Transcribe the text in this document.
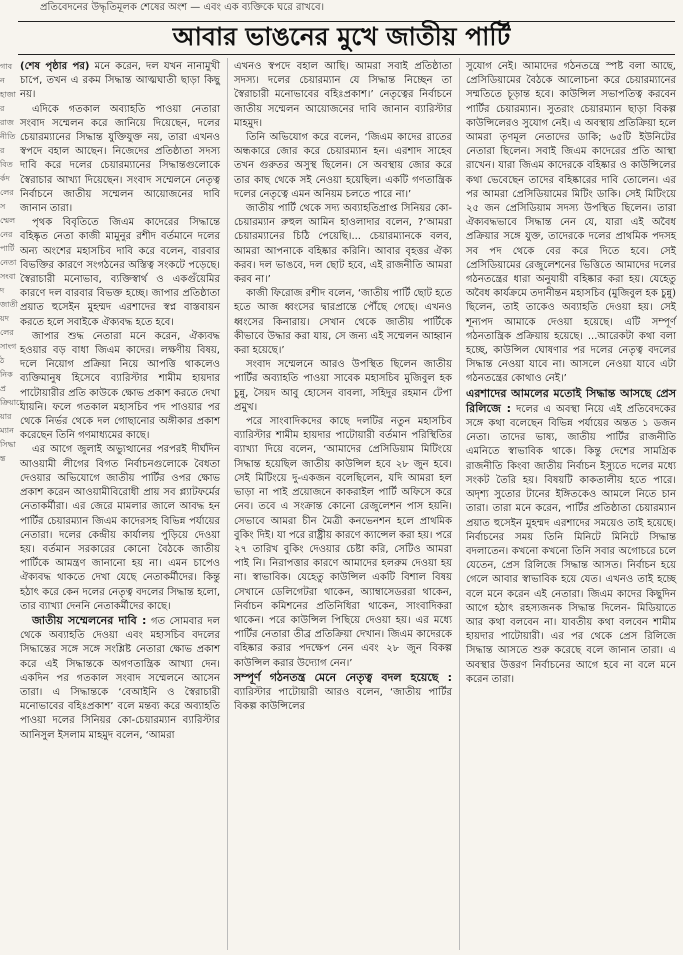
প্রতিবেদনের উদ্ধৃতিমূলক শেষের অংশ — এবং এক ব্যক্তিকে ঘরে রাখবে।
আবার ভাঙনের মুখে জাতীয় পার্টি
গাবনহাজাররাজনীতিরবিতর্কদলেরসম্মেলনেরপার্টিনেতাসংবাদজাতীয়দলেরসাংগঠনিকপ্রক্রিয়াচেয়ারম্যানসিদ্ধান্ত

(শেষ পৃষ্ঠার পর) মনে করেন, দল যখন নানামুখী চাপে, তখন এ রকম সিদ্ধান্ত আত্মঘাতী ছাড়া কিছু নয়।

এদিকে গতকাল অব্যাহতি পাওয়া নেতারা সংবাদ সম্মেলন করে জানিয়ে দিয়েছেন, দলের চেয়ারম্যানের সিদ্ধান্ত যুক্তিযুক্ত নয়, তারা এখনও স্বপদে বহাল আছেন। নিজেদের প্রতিষ্ঠাতা সদস্য দাবি করে দলের চেয়ারম্যানের সিদ্ধান্তগুলোকে স্বৈরাচার আখ্যা দিয়েছেন। সংবাদ সম্মেলনে নেতৃত্ব নির্বাচনে জাতীয় সম্মেলন আয়োজনের দাবি জানান তারা।

পৃথক বিবৃতিতে জিএম কাদেরের সিদ্ধান্তে বহিষ্কৃত নেতা কাজী মামুনুর রশীদ বর্তমানে দলের অন্য অংশের মহাসচিব দাবি করে বলেন, বারবার বিভক্তির কারণে সংগঠনের অস্তিত্ব সংকটে পড়েছে। স্বৈরাচারী মনোভাব, ব্যক্তিস্বার্থ ও একগুঁয়েমির কারণে দল বারবার বিভক্ত হচ্ছে। জাপার প্রতিষ্ঠাতা প্রয়াত হুসেইন মুহম্মদ এরশাদের স্বপ্ন বাস্তবায়ন করতে হলে সবাইকে ঐক্যবদ্ধ হতে হবে।

জাপার শুদ্ধ নেতারা মনে করেন, ঐক্যবদ্ধ হওয়ার বড় বাধা জিএম কাদের। লক্ষণীয় বিষয়, দলে নিয়োগ প্রক্রিয়া নিয়ে আপত্তি থাকলেও ব্যক্তিমানুষ হিসেবে ব্যারিস্টার শামীম হায়দার পাটোয়ারীর প্রতি কাউকে ক্ষোভ প্রকাশ করতে দেখা যায়নি। ফলে গতকাল মহাসচিব পদ পাওয়ার পর থেকে নির্ভর থেকে দল গোছানোর অঙ্গীকার প্রকাশ করেছেন তিনি গণমাধ্যমের কাছে।

এর আগে জুলাই অভ্যুত্থানের পরপরই দীর্ঘদিন আওয়ামী লীগের বিগত নির্বাচনগুলোকে বৈধতা দেওয়ার অভিযোগে জাতীয় পার্টির ওপর ক্ষোভ প্রকাশ করেন আওয়ামীবিরোধী প্রায় সব প্ল্যাটফর্মের নেতাকর্মীরা। এর জেরে মামলার জালে আবদ্ধ হন পার্টির চেয়ারম্যান জিএম কাদেরসহ বিভিন্ন পর্যায়ের নেতারা। দলের কেন্দ্রীয় কার্যালয় পুড়িয়ে দেওয়া হয়। বর্তমান সরকারের কোনো বৈঠকে জাতীয় পার্টিকে আমন্ত্রণ জানানো হয় না। এমন চাপেও ঐক্যবদ্ধ থাকতে দেখা যেছে নেতাকর্মীদের। কিন্তু হঠাৎ করে কেন দলের নেতৃত্ব বদলের সিদ্ধান্ত হলো, তার ব্যাখ্যা দেননি নেতাকর্মীদের কাছে।

জাতীয় সম্মেলনের দাবি : গত সোমবার দল থেকে অব্যাহতি দেওয়া এবং মহাসচিব বদলের সিদ্ধান্তের সঙ্গে সঙ্গে সংশ্লিষ্ট নেতারা ক্ষোভ প্রকাশ করে এই সিদ্ধান্তকে অগণতান্ত্রিক আখ্যা দেন। একদিন পর গতকাল সংবাদ সম্মেলনে আসেন তারা। এ সিদ্ধান্তকে ‘বেআইনি ও স্বৈরাচারী মনোভাবের বহিঃপ্রকাশ’ বলে মন্তব্য করে অব্যাহতি পাওয়া দলের সিনিয়র কো-চেয়ারম্যান ব্যারিস্টার আনিসুল ইসলাম মাহমুদ বলেন, ‘আমরা

এখনও স্বপদে বহাল আছি। আমরা সবাই প্রতিষ্ঠাতা সদস্য। দলের চেয়ারম্যান যে সিদ্ধান্ত নিচ্ছেন তা স্বৈরাচারী মনোভাবের বহিঃপ্রকাশ।’ নেতৃত্বের নির্বাচনে জাতীয় সম্মেলন আয়োজনের দাবি জানান ব্যারিস্টার মাহমুদ।

তিনি অভিযোগ করে বলেন, ‘জিএম কাদের রাতের অন্ধকারে জোর করে চেয়ারম্যান হন। এরশাদ সাহেব তখন গুরুতর অসুস্থ ছিলেন। সে অবস্থায় জোর করে তার কাছ থেকে সই নেওয়া হয়েছিল। একটি গণতান্ত্রিক দলের নেতৃত্বে এমন অনিয়ম চলতে পারে না।’

জাতীয় পার্টি থেকে সদ্য অব্যাহতিপ্রাপ্ত সিনিয়র কো-চেয়ারম্যান রুহুল আমিন হাওলাদার বলেন, ?’আমরা চেয়ারম্যানের চিঠি পেয়েছি।... চেয়ারম্যানকে বলব, আমরা আপনাকে বহিষ্কার করিনি। আবার বৃহত্তর ঐক্য করব। দল ভাঙবে, দল ছোট হবে, এই রাজনীতি আমরা করব না।’

কাজী ফিরোজ রশীদ বলেন, ‘জাতীয় পার্টি ছোট হতে হতে আজ ধ্বংসের দ্বারপ্রান্তে পৌঁছে গেছে। এখনও ধ্বংসের কিনারায়। সেখান থেকে জাতীয় পার্টিকে কীভাবে উদ্ধার করা যায়, সে জন্য এই সম্মেলন আহ্বান করা হয়েছে।’

সংবাদ সম্মেলনে আরও উপস্থিত ছিলেন জাতীয় পার্টির অব্যাহতি পাওয়া সাবেক মহাসচিব মুজিবুল হক চুন্নু, সৈয়দ আবু হোসেন বাবলা, সহিদুর রহমান টেপা প্রমুখ।

পরে সাংবাদিকদের কাছে দলটির নতুন মহাসচিব ব্যারিস্টার শামীম হায়দার পাটোয়ারী বর্তমান পরিস্থিতির ব্যাখ্যা দিয়ে বলেন, ‘আমাদের প্রেসিডিয়াম মিটিংয়ে সিদ্ধান্ত হয়েছিল জাতীয় কাউন্সিল হবে ২৮ জুন হবে। সেই মিটিংয়ে দু-একজন বলেছিলেন, যদি আমরা হল ভাড়া না পাই প্রয়োজনে কাকরাইল পার্টি অফিসে করে নেব। তবে এ সংক্রান্ত কোনো রেজুলেশন পাস হয়নি। সেভাবে আমরা চীন মৈত্রী কনভেনশন হলে প্রাথমিক বুকিং দিই। যা পরে রাষ্ট্রীয় কারণে ক্যান্সেল করা হয়। পরে ২৭ তারিখ বুকিং দেওয়ার চেষ্টা করি, সেটিও আমরা পাই নি। নিরাপত্তার কারণে আমাদের হলরুম দেওয়া হয় না। স্বাভাবিক। যেহেতু কাউন্সিল একটি বিশাল বিষয় সেখানে ডেলিগেটরা থাকেন, অ্যাম্বাসেডররা থাকেন, নির্বাচন কমিশনের প্রতিনিধিরা থাকেন, সাংবাদিকরা থাকেন। পরে কাউন্সিল পিছিয়ে দেওয়া হয়। এর মধ্যে পার্টির নেতারা তীব্র প্রতিক্রিয়া দেখান। জিএম কাদেরকে বহিষ্কার করার পদক্ষেপ নেন এবং ২৮ জুন বিকল্প কাউন্সিল করার উদ্যোগ নেন।’

সম্পূর্ণ গঠনতন্ত্র মেনে নেতৃত্ব বদল হয়েছে : ব্যারিস্টার পাটোয়ারী আরও বলেন, ‘জাতীয় পার্টির বিকল্প কাউন্সিলের

সুযোগ নেই। আমাদের গঠনতন্ত্রে স্পষ্ট বলা আছে, প্রেসিডিয়ামের বৈঠকে আলোচনা করে চেয়ারম্যানের সম্মতিতে চূড়ান্ত হবে। কাউন্সিল সভাপতিত্ব করবেন পার্টির চেয়ারম্যান। সুতরাং চেয়ারম্যান ছাড়া বিকল্প কাউন্সিলেরও সুযোগ নেই। এ অবস্থায় প্রতিক্রিয়া হলে আমরা তৃণমূল নেতাদের ডাকি; ৬৫টি ইউনিটের নেতারা ছিলেন। সবাই জিএম কাদেরের প্রতি আস্থা রাখেন। যারা জিএম কাদেরকে বহিষ্কার ও কাউন্সিলের কথা ভেবেছেন তাদের বহিষ্কারের দাবি তোলেন। এর পর আমরা প্রেসিডিয়ামের মিটিং ডাকি। সেই মিটিংয়ে ২৫ জন প্রেসিডিয়াম সদস্য উপস্থিত ছিলেন। তারা ঐক্যবদ্ধভাবে সিদ্ধান্ত নেন যে, যারা এই অবৈধ প্রক্রিয়ার সঙ্গে যুক্ত, তাদেরকে দলের প্রাথমিক পদসহ সব পদ থেকে বের করে দিতে হবে। সেই প্রেসিডিয়ামের রেজুলেশনের ভিত্তিতে আমাদের দলের গঠনতন্ত্রের ধারা অনুযায়ী বহিষ্কার করা হয়। যেহেতু অবৈধ কার্যক্রমে তদানীন্তন মহাসচিব (মুজিবুল হক চুন্নু) ছিলেন, তাই তাকেও অব্যাহতি দেওয়া হয়। সেই শূন্যপদ আমাকে দেওয়া হয়েছে। এটি সম্পূর্ণ গঠনতান্ত্রিক প্রক্রিয়ায় হয়েছে। ...আরেকটা কথা বলা হচ্ছে, কাউন্সিল ঘোষণার পর দলের নেতৃত্ব বদলের সিদ্ধান্ত নেওয়া যাবে না। আসলে নেওয়া যাবে এটা গঠনতন্ত্রের কোথাও নেই।’

এরশাদের আমলের মতোই সিদ্ধান্ত আসছে প্রেস রিলিজে : দলের এ অবস্থা নিয়ে এই প্রতিবেদকের সঙ্গে কথা বলেছেন বিভিন্ন পর্যায়ের অন্তত ১ ডজন নেতা। তাদের ভাষ্য, জাতীয় পার্টির রাজনীতি এমনিতে স্বাভাবিক থাকে। কিন্তু দেশের সামগ্রিক রাজনীতি কিংবা জাতীয় নির্বাচন ইস্যুতে দলের মধ্যে সংকট তৈরি হয়। বিষয়টি কাকতালীয় হতে পারে। অদৃশ্য সুতোর টানের ইঙ্গিতকেও আমলে নিতে চান তারা। তারা মনে করেন, পার্টির প্রতিষ্ঠাতা চেয়ারম্যান প্রয়াত হুসেইন মুহম্মদ এরশাদের সময়েও তাই হয়েছে। নির্বাচনের সময় তিনি মিনিটে মিনিটে সিদ্ধান্ত বদলাতেন। কখনো কখনো তিনি সবার অগোচরে চলে যেতেন, প্রেস রিলিজে সিদ্ধান্ত আসত। নির্বাচন হয়ে গেলে আবার স্বাভাবিক হয়ে যেত। এখনও তাই হচ্ছে বলে মনে করেন এই নেতারা। জিএম কাদের কিছুদিন আগে হঠাৎ রহস্যজনক সিদ্ধান্ত দিলেন- মিডিয়াতে আর কথা বলবেন না। যাবতীয় কথা বলবেন শামীম হায়দার পাটোয়ারী। এর পর থেকে প্রেস রিলিজে সিদ্ধান্ত আসতে শুরু করেছে বলে জানান তারা। এ অবস্থার উত্তরণ নির্বাচনের আগে হবে না বলে মনে করেন তারা।
